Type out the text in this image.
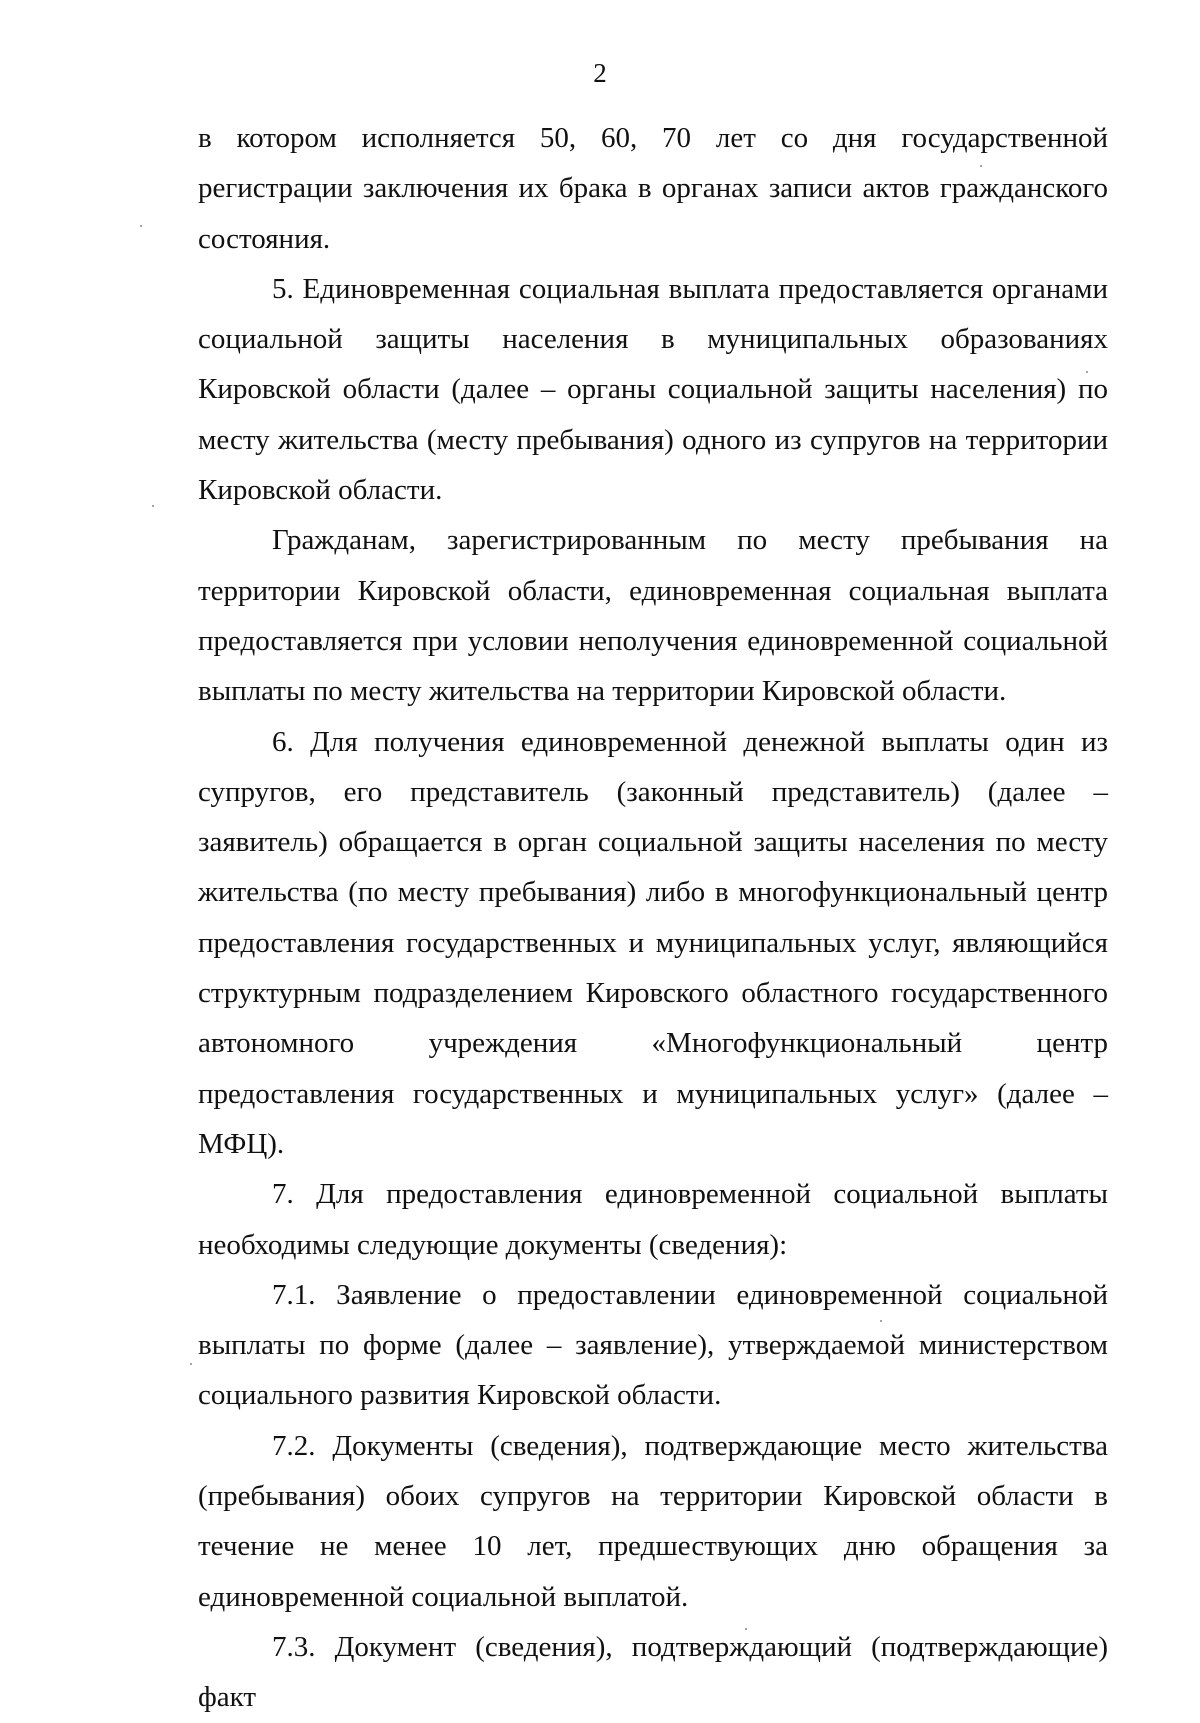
2

в котором исполняется 50, 60, 70 лет со дня государственной регистрации заключения их брака в органах записи актов гражданского состояния.

5. Единовременная социальная выплата предоставляется органами социальной защиты населения в муниципальных образованиях Кировской области (далее – органы социальной защиты населения) по месту жительства (месту пребывания) одного из супругов на территории Кировской области.

Гражданам, зарегистрированным по месту пребывания на территории Кировской области, единовременная социальная выплата предоставляется при условии неполучения единовременной социальной выплаты по месту жительства на территории Кировской области.

6. Для получения единовременной денежной выплаты один из супругов, его представитель (законный представитель) (далее – заявитель) обращается в орган социальной защиты населения по месту жительства (по месту пребывания) либо в многофункциональный центр предоставления государственных и муниципальных услуг, являющийся структурным подразделением Кировского областного государственного автономного учреждения «Многофункциональный центр предоставления государственных и муниципальных услуг» (далее – МФЦ).

7. Для предоставления единовременной социальной выплаты необходимы следующие документы (сведения):

7.1. Заявление о предоставлении единовременной социальной выплаты по форме (далее – заявление), утверждаемой министерством социального развития Кировской области.

7.2. Документы (сведения), подтверждающие место жительства (пребывания) обоих супругов на территории Кировской области в течение не менее 10 лет, предшествующих дню обращения за единовременной социальной выплатой.

7.3. Документ (сведения), подтверждающий (подтверждающие) факт
